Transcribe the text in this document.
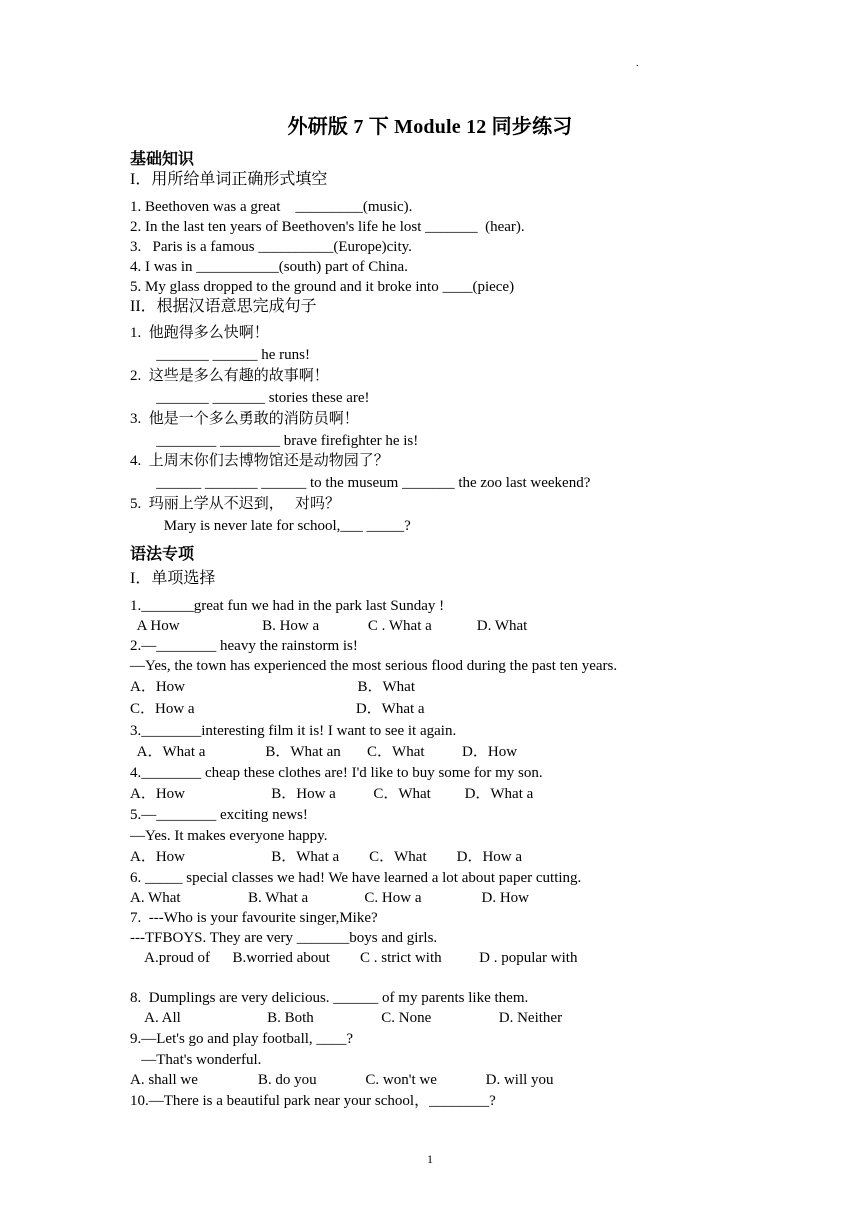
.
外研版 7 下 Module 12 同步练习
基础知识
I．用所给单词正确形式填空
1. Beethoven was a great    _________(music).
2. In the last ten years of Beethoven's life he lost _______  (hear).
3.   Paris is a famous __________(Europe)city.
4. I was in ___________(south) part of China.
5. My glass dropped to the ground and it broke into ____(piece)
II．根据汉语意思完成句子
1.  他跑得多么快啊！
_______ ______ he runs!
2.  这些是多么有趣的故事啊！
_______ _______ stories these are!
3.  他是一个多么勇敢的消防员啊！
________ ________ brave firefighter he is!
4.  上周末你们去博物馆还是动物园了？
______ _______ ______ to the museum _______ the zoo last weekend?
5.  玛丽上学从不迟到，   对吗？
Mary is never late for school,___ _____?
语法专项
I．单项选择
1._______great fun we had in the park last Sunday !
A How                      B. How a             C . What a            D. What
2.—________ heavy the rainstorm is!
—Yes, the town has experienced the most serious flood during the past ten years.
A．How                                              B．What
C．How a                                           D．What a
3.________interesting film it is! I want to see it again.
A．What a                B．What an       C．What          D．How
4.________ cheap these clothes are! I'd like to buy some for my son.
A．How                       B．How a          C．What         D．What a
5.—________ exciting news!
—Yes. It makes everyone happy.
A．How                       B．What a        C．What        D．How a
6. _____ special classes we had! We have learned a lot about paper cutting.
A. What                  B. What a               C. How a                D. How
7.  ---Who is your favourite singer,Mike?
---TFBOYS. They are very _______boys and girls.
A.proud of      B.worried about        C . strict with          D . popular with
8.  Dumplings are very delicious. ______ of my parents like them.
A. All                       B. Both                  C. None                  D. Neither
9.—Let's go and play football, ____?
—That's wonderful.
A. shall we                B. do you             C. won't we             D. will you
10.—There is a beautiful park near your school，________?
1
